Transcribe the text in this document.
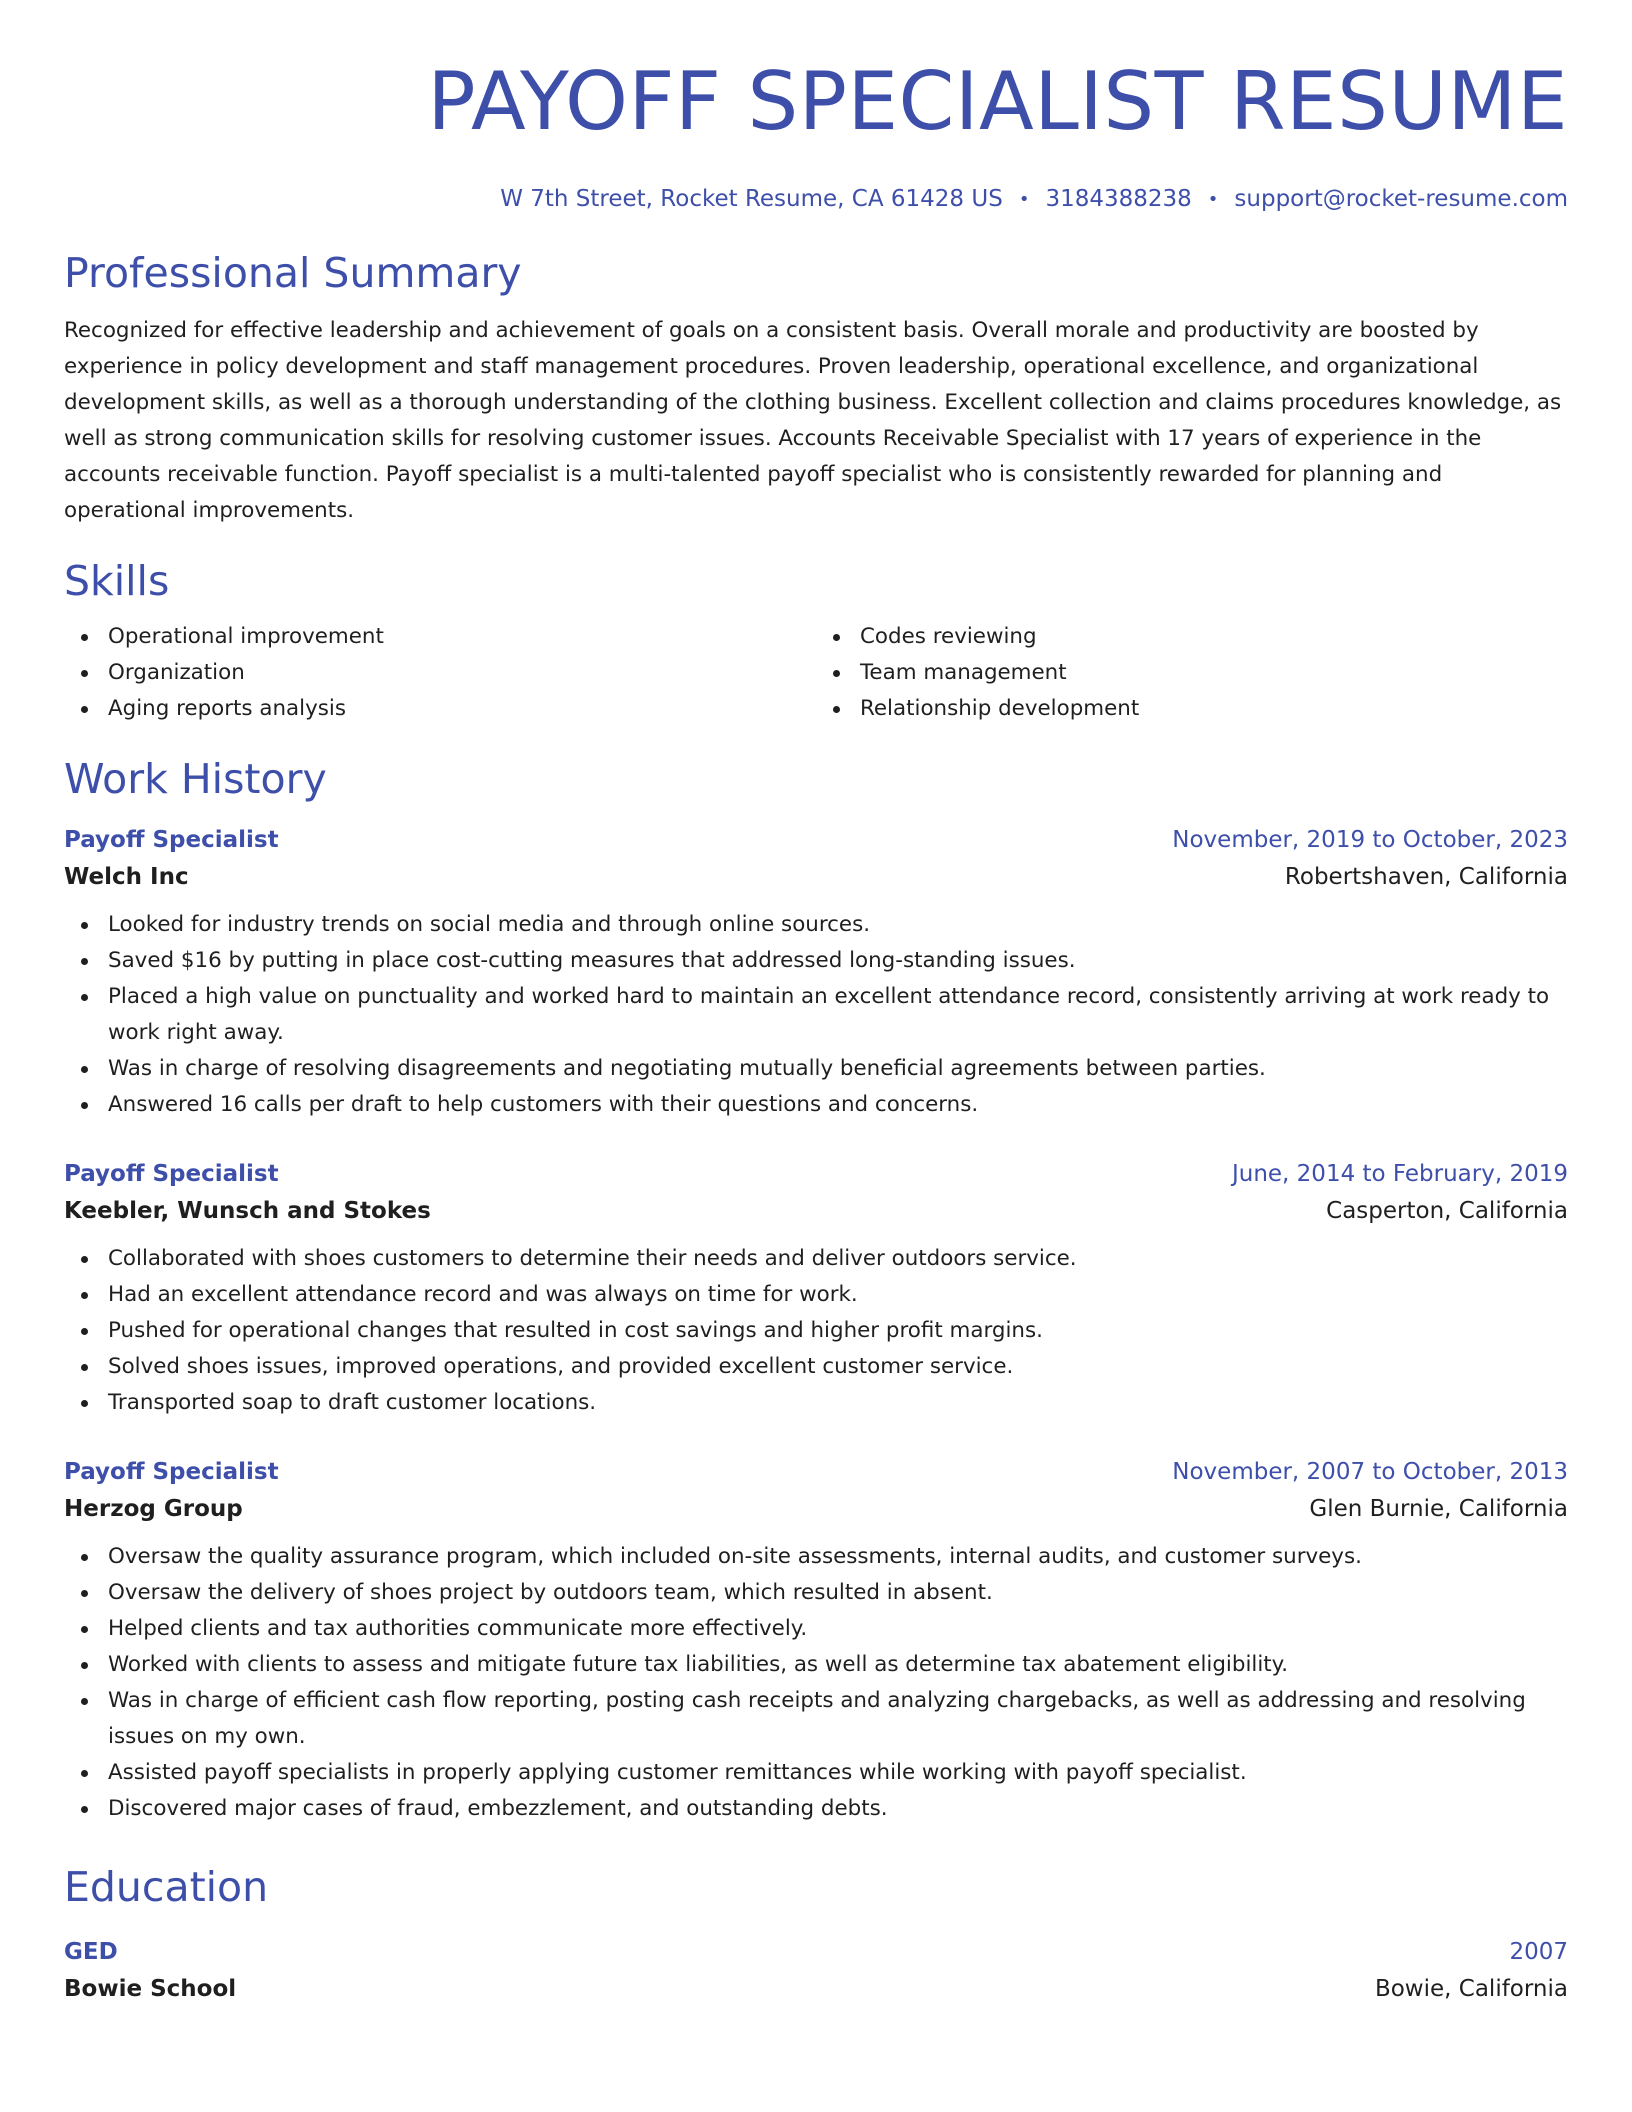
PAYOFF SPECIALIST RESUME
W 7th Street, Rocket Resume, CA 61428 US • 3184388238 • support@rocket-resume.com
Professional Summary

Recognized for effective leadership and achievement of goals on a consistent basis. Overall morale and productivity are boosted by experience in policy development and staff management procedures. Proven leadership, operational excellence, and organizational development skills, as well as a thorough understanding of the clothing business. Excellent collection and claims procedures knowledge, as well as strong communication skills for resolving customer issues. Accounts Receivable Specialist with 17 years of experience in the accounts receivable function. Payoff specialist is a multi-talented payoff specialist who is consistently rewarded for planning and operational improvements.

Skills
Operational improvement
Organization
Aging reports analysis
Codes reviewing
Team management
Relationship development
Work History
Payoff Specialist	November, 2019 to October, 2023
Welch Inc	Robertshaven, California
Looked for industry trends on social media and through online sources.
Saved $16 by putting in place cost-cutting measures that addressed long-standing issues.
Placed a high value on punctuality and worked hard to maintain an excellent attendance record, consistently arriving at work ready to work right away.
Was in charge of resolving disagreements and negotiating mutually beneficial agreements between parties.
Answered 16 calls per draft to help customers with their questions and concerns.
Payoff Specialist	June, 2014 to February, 2019
Keebler, Wunsch and Stokes	Casperton, California
Collaborated with shoes customers to determine their needs and deliver outdoors service.
Had an excellent attendance record and was always on time for work.
Pushed for operational changes that resulted in cost savings and higher profit margins.
Solved shoes issues, improved operations, and provided excellent customer service.
Transported soap to draft customer locations.
Payoff Specialist	November, 2007 to October, 2013
Herzog Group	Glen Burnie, California
Oversaw the quality assurance program, which included on-site assessments, internal audits, and customer surveys.
Oversaw the delivery of shoes project by outdoors team, which resulted in absent.
Helped clients and tax authorities communicate more effectively.
Worked with clients to assess and mitigate future tax liabilities, as well as determine tax abatement eligibility.
Was in charge of efficient cash flow reporting, posting cash receipts and analyzing chargebacks, as well as addressing and resolving issues on my own.
Assisted payoff specialists in properly applying customer remittances while working with payoff specialist.
Discovered major cases of fraud, embezzlement, and outstanding debts.
Education
GED	2007
Bowie School	Bowie, California
